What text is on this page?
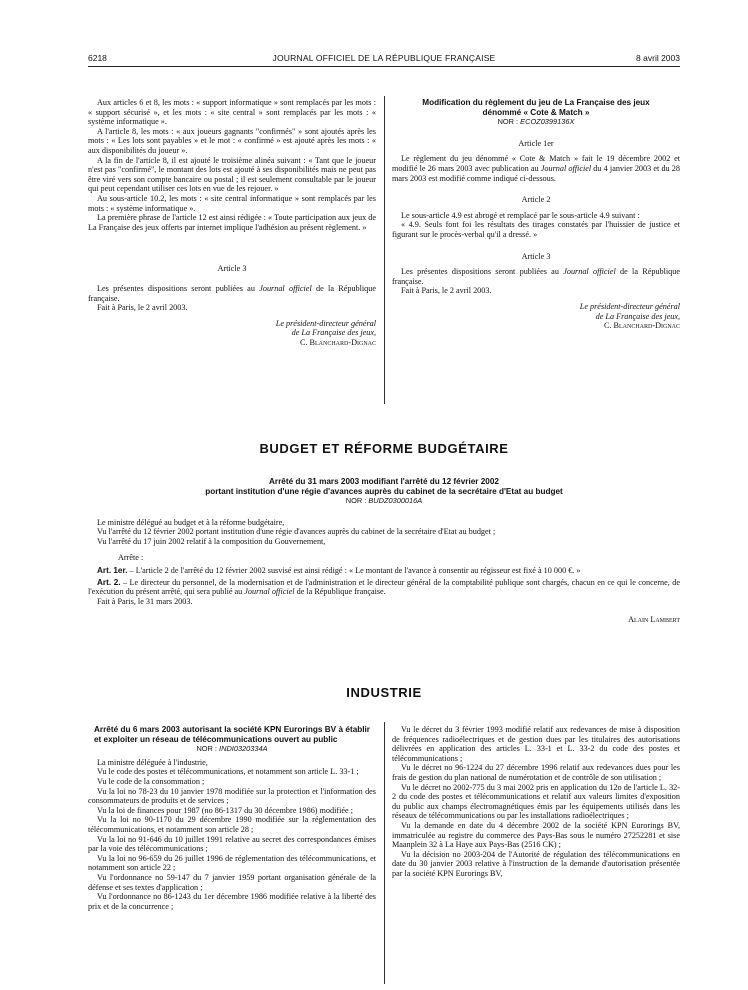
6218	JOURNAL OFFICIEL DE LA RÉPUBLIQUE FRANÇAISE	8 avril 2003

Aux articles 6 et 8, les mots : « support informatique » sont remplacés par les mots : « support sécurisé », et les mots : « site central » sont remplacés par les mots : « système informatique ».

A l'article 8, les mots : « aux joueurs gagnants "confirmés" » sont ajoutés après les mots : « Les lots sont payables » et le mot : « confirmé » est ajouté après les mots : « aux disponibilités du joueur ».

A la fin de l'article 8, il est ajouté le troisième alinéa suivant : « Tant que le joueur n'est pas "confirmé", le montant des lots est ajouté à ses disponibilités mais ne peut pas être viré vers son compte bancaire ou postal ; il est seulement consultable par le joueur qui peut cependant utiliser ces lots en vue de les rejouer. »

Au sous-article 10.2, les mots : « site central informatique » sont remplacés par les mots : « système informatique ».

La première phrase de l'article 12 est ainsi rédigée : « Toute participation aux jeux de La Française des jeux offerts par internet implique l'adhésion au présent règlement. »

Article 3

Les présentes dispositions seront publiées au Journal officiel de la République française.

Fait à Paris, le 2 avril 2003.

Le président-directeur général

de La Française des jeux,

C. Blanchard-Dignac

Modification du règlement du jeu de La Française des jeux

dénommé « Cote & Match »

NOR : ECOZ0399136X

Article 1er

Le règlement du jeu dénommé « Cote & Match » fait le 19 décembre 2002 et modifié le 26 mars 2003 avec publication au Journal officiel du 4 janvier 2003 et du 28 mars 2003 est modifié comme indiqué ci-dessous.

Article 2

Le sous-article 4.9 est abrogé et remplacé par le sous-article 4.9 suivant :

« 4.9. Seuls font foi les résultats des tirages constatés par l'huissier de justice et figurant sur le procès-verbal qu'il a dressé. »

Article 3

Les présentes dispositions seront publiées au Journal officiel de la République française.

Fait à Paris, le 2 avril 2003.

Le président-directeur général

de La Française des jeux,

C. Blanchard-Dignac

BUDGET ET RÉFORME BUDGÉTAIRE

Arrêté du 31 mars 2003 modifiant l'arrêté du 12 février 2002

portant institution d'une régie d'avances auprès du cabinet de la secrétaire d'Etat au budget

NOR : BUDZ0300016A

Le ministre délégué au budget et à la réforme budgétaire,

Vu l'arrêté du 12 février 2002 portant institution d'une régie d'avances auprès du cabinet de la secrétaire d'Etat au budget ;

Vu l'arrêté du 17 juin 2002 relatif à la composition du Gouvernement,

Arrête :

Art. 1er. – L'article 2 de l'arrêté du 12 février 2002 susvisé est ainsi rédigé : « Le montant de l'avance à consentir au régisseur est fixé à 10 000 €. »

Art. 2. – Le directeur du personnel, de la modernisation et de l'administration et le directeur général de la comptabilité publique sont chargés, chacun en ce qui le concerne, de l'exécution du présent arrêté, qui sera publié au Journal officiel de la République française.

Fait à Paris, le 31 mars 2003.

Alain Lambert

INDUSTRIE

Arrêté du 6 mars 2003 autorisant la société KPN Eurorings BV à établir et exploiter un réseau de télécommunications ouvert au public

NOR : INDI0320334A

La ministre déléguée à l'industrie,

Vu le code des postes et télécommunications, et notamment son article L. 33-1 ;

Vu le code de la consommation ;

Vu la loi no 78-23 du 10 janvier 1978 modifiée sur la protection et l'information des consommateurs de produits et de services ;

Vu la loi de finances pour 1987 (no 86-1317 du 30 décembre 1986) modifiée ;

Vu la loi no 90-1170 du 29 décembre 1990 modifiée sur la réglementation des télécommunications, et notamment son article 28 ;

Vu la loi no 91-646 du 10 juillet 1991 relative au secret des correspondances émises par la voie des télécommunications ;

Vu la loi no 96-659 du 26 juillet 1996 de réglementation des télécommunications, et notamment son article 22 ;

Vu l'ordonnance no 59-147 du 7 janvier 1959 portant organisation générale de la défense et ses textes d'application ;

Vu l'ordonnance no 86-1243 du 1er décembre 1986 modifiée relative à la liberté des prix et de la concurrence ;

Vu le décret du 3 février 1993 modifié relatif aux redevances de mise à disposition de fréquences radioélectriques et de gestion dues par les titulaires des autorisations délivrées en application des articles L. 33-1 et L. 33-2 du code des postes et télécommunications ;

Vu le décret no 96-1224 du 27 décembre 1996 relatif aux redevances dues pour les frais de gestion du plan national de numérotation et de contrôle de son utilisation ;

Vu le décret no 2002-775 du 3 mai 2002 pris en application du 12o de l'article L. 32-2 du code des postes et télécommunications et relatif aux valeurs limites d'exposition du public aux champs électromagnétiques émis par les équipements utilisés dans les réseaux de télécommunications ou par les installations radioélectriques ;

Vu la demande en date du 4 décembre 2002 de la société KPN Eurorings BV, immatriculée au registre du commerce des Pays-Bas sous le numéro 27252281 et sise Maanplein 32 à La Haye aux Pays-Bas (2516 CK) ;

Vu la décision no 2003-204 de l'Autorité de régulation des télécommunications en date du 30 janvier 2003 relative à l'instruction de la demande d'autorisation présentée par la société KPN Eurorings BV,
